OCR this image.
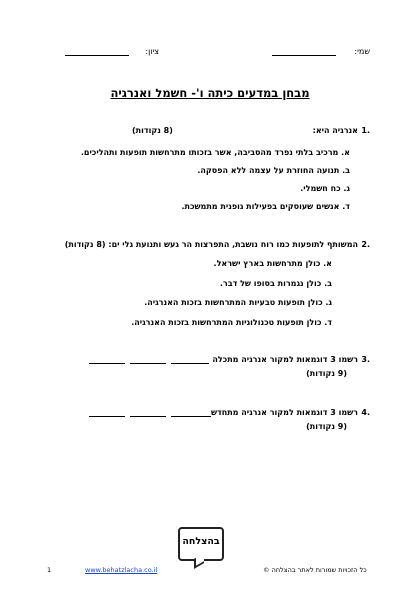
שמי:
ציון:
מבחן במדעים כיתה ו'- חשמל ואנרגיה
1.
אנרגיה היא:
(8 נקודות)
א. מרכיב בלתי נפרד מהסביבה, אשר בזכותו מתרחשות תופעות ותהליכים.
ב. תנועה החוזרת על עצמה ללא הפסקה.
ג. כח חשמלי.
ד. אנשים שעוסקים בפעילות גופנית מתמשכת.
2.
המשותף לתופעות כמו רוח נושבת, התפרצות הר געש ותנועת גלי ים: (8 נקודות)
א. כולן מתרחשות בארץ ישראל.
ב. כולן נגמרות בסופו של דבר.
ג. כולן תופעות טבעיות המתרחשות בזכות האנרגיה.
ד. כולן תופעות טכנולוגיות המתרחשות בזכות האנרגיה.
3.
רשמו 3 דוגמאות למקור אנרגיה מתכלה
(9 נקודות)
4.
רשמו 3 דוגמאות למקור אנרגיה מתחדש
(9 נקודות)
בהצלחה
1	www.behatzlacha.co.il	כל הזכויות שמורות לאתר בהצלחה ©
